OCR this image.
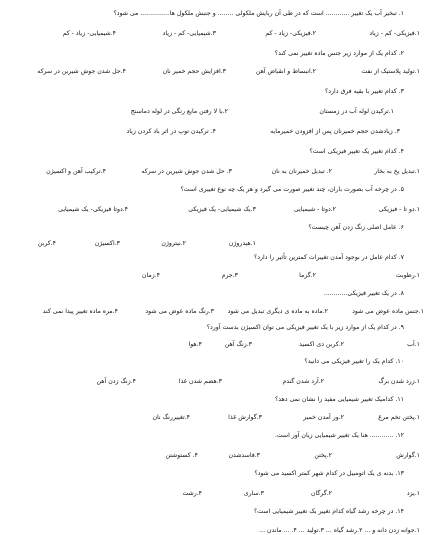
۱. تبخیر آب یک تغییر ............ است که در طی آن ربایش ملکولی ........ و جنبش ملکول ها............... می شود؟
۱.فیزیکی- کم - زیاد
۲.فیزیکی- زیاد - کم
۳.شیمیایی- کم - زیاد
۴.شیمیایی- زیاد - کم
۲. کدام یک از موارد زیر جنس ماده تغییر نمی کند؟
۱.تولید پلاستیک از نفت
۲.انبساط و انقباض آهن
۳.افزایش حجم خمیر نان
۴.حل شدن جوش شیرین در سرکه
۳. کدام تغییر با بقیه فرق دارد؟
۱.ترکیدن لوله آب در زمستان
۲.با لا رفتن مایع رنگی در لوله دماسنج
۳. زیادشدن حجم خمیرنان پس از افزودن خمیرمایه
۴. ترکیدن توپ در اثر باد کردن زیاد
۴. کدام تغییر یک تغییر فیزیکی است؟
۱.تبدیل یخ به بخار
۲. تبدیل خمیرنان به نان
۳. حل شدن جوش شیرین در سرکه
۴.ترکیب آهن و اکسیژن
۵. در چرخه آب بصورت باران، چند تغییر صورت می گیرد و هر یک چه نوع تغییری است؟
۱.دو تا - فیزیکی
۲.دوتا - شیمیایی
۳.یک شیمیایی- یک فیزیکی
۴.دوتا فیزیکی- یک شیمیایی
۶. عامل اصلی زنگ زدن آهن چیست؟
۱.هیدروژن
۲.نیتروژن
۳.اکسیژن
۴.کربن
۷. کدام عامل در بوجود آمدن تغییرات کمترین تأثیر را دارد؟
۱.رطوبت
۲.گرما
۳.جرم
۴.زمان
۸. در یک تغییر فیزیکی............
۱.جنس ماده عوض می شود
۲.ماده به ماده ی دیگری تبدیل می شود
۳.رنگ ماده عوض می شود
۴.مره ماده تغییر پیدا نمی کند
۹. در کدام یک از موارد زیر با یک تغییر فیزیکی می توان اکسیژن بدست آورد؟
۱.آب
۲.کربن دی اکسید
۳.زنگ آهن
۴.هوا
۱۰. کدام یک را تغییر فیزیکی می دانید؟
۱.زرد شدن برگ
۲.آرد شدن گندم
۳.هضم شدن غذا
۴.زنگ زدن آهن
۱۱. کدامیک تغییر شیمیایی مفید را نشان نمی دهد؟
۱.پختن تخم مرغ
۲.ور آمدن خمیر
۳.گوارش غذا
۴.تغییررنگ نان
۱۲. ............ هنا یک تغییر شیمیایی زیان آور است.
۱.گوارش
۲.پختن
۳.فاسدشدن
۴. کستوشتن
۱۳. بدنه ی یک اتومبیل در کدام شهر کمتر اکسید می شود؟
۱.یزد
۲.گرگان
۳.ساری
۴.رشت
۱۴. در چرخه رشد گیاه کدام تغییر یک تغییر شیمیایی است؟
۱.جوانه زدن دانه و ... ۲.رشد گیاه ... ۳.تولید ... ۴. ... ماندن ...
